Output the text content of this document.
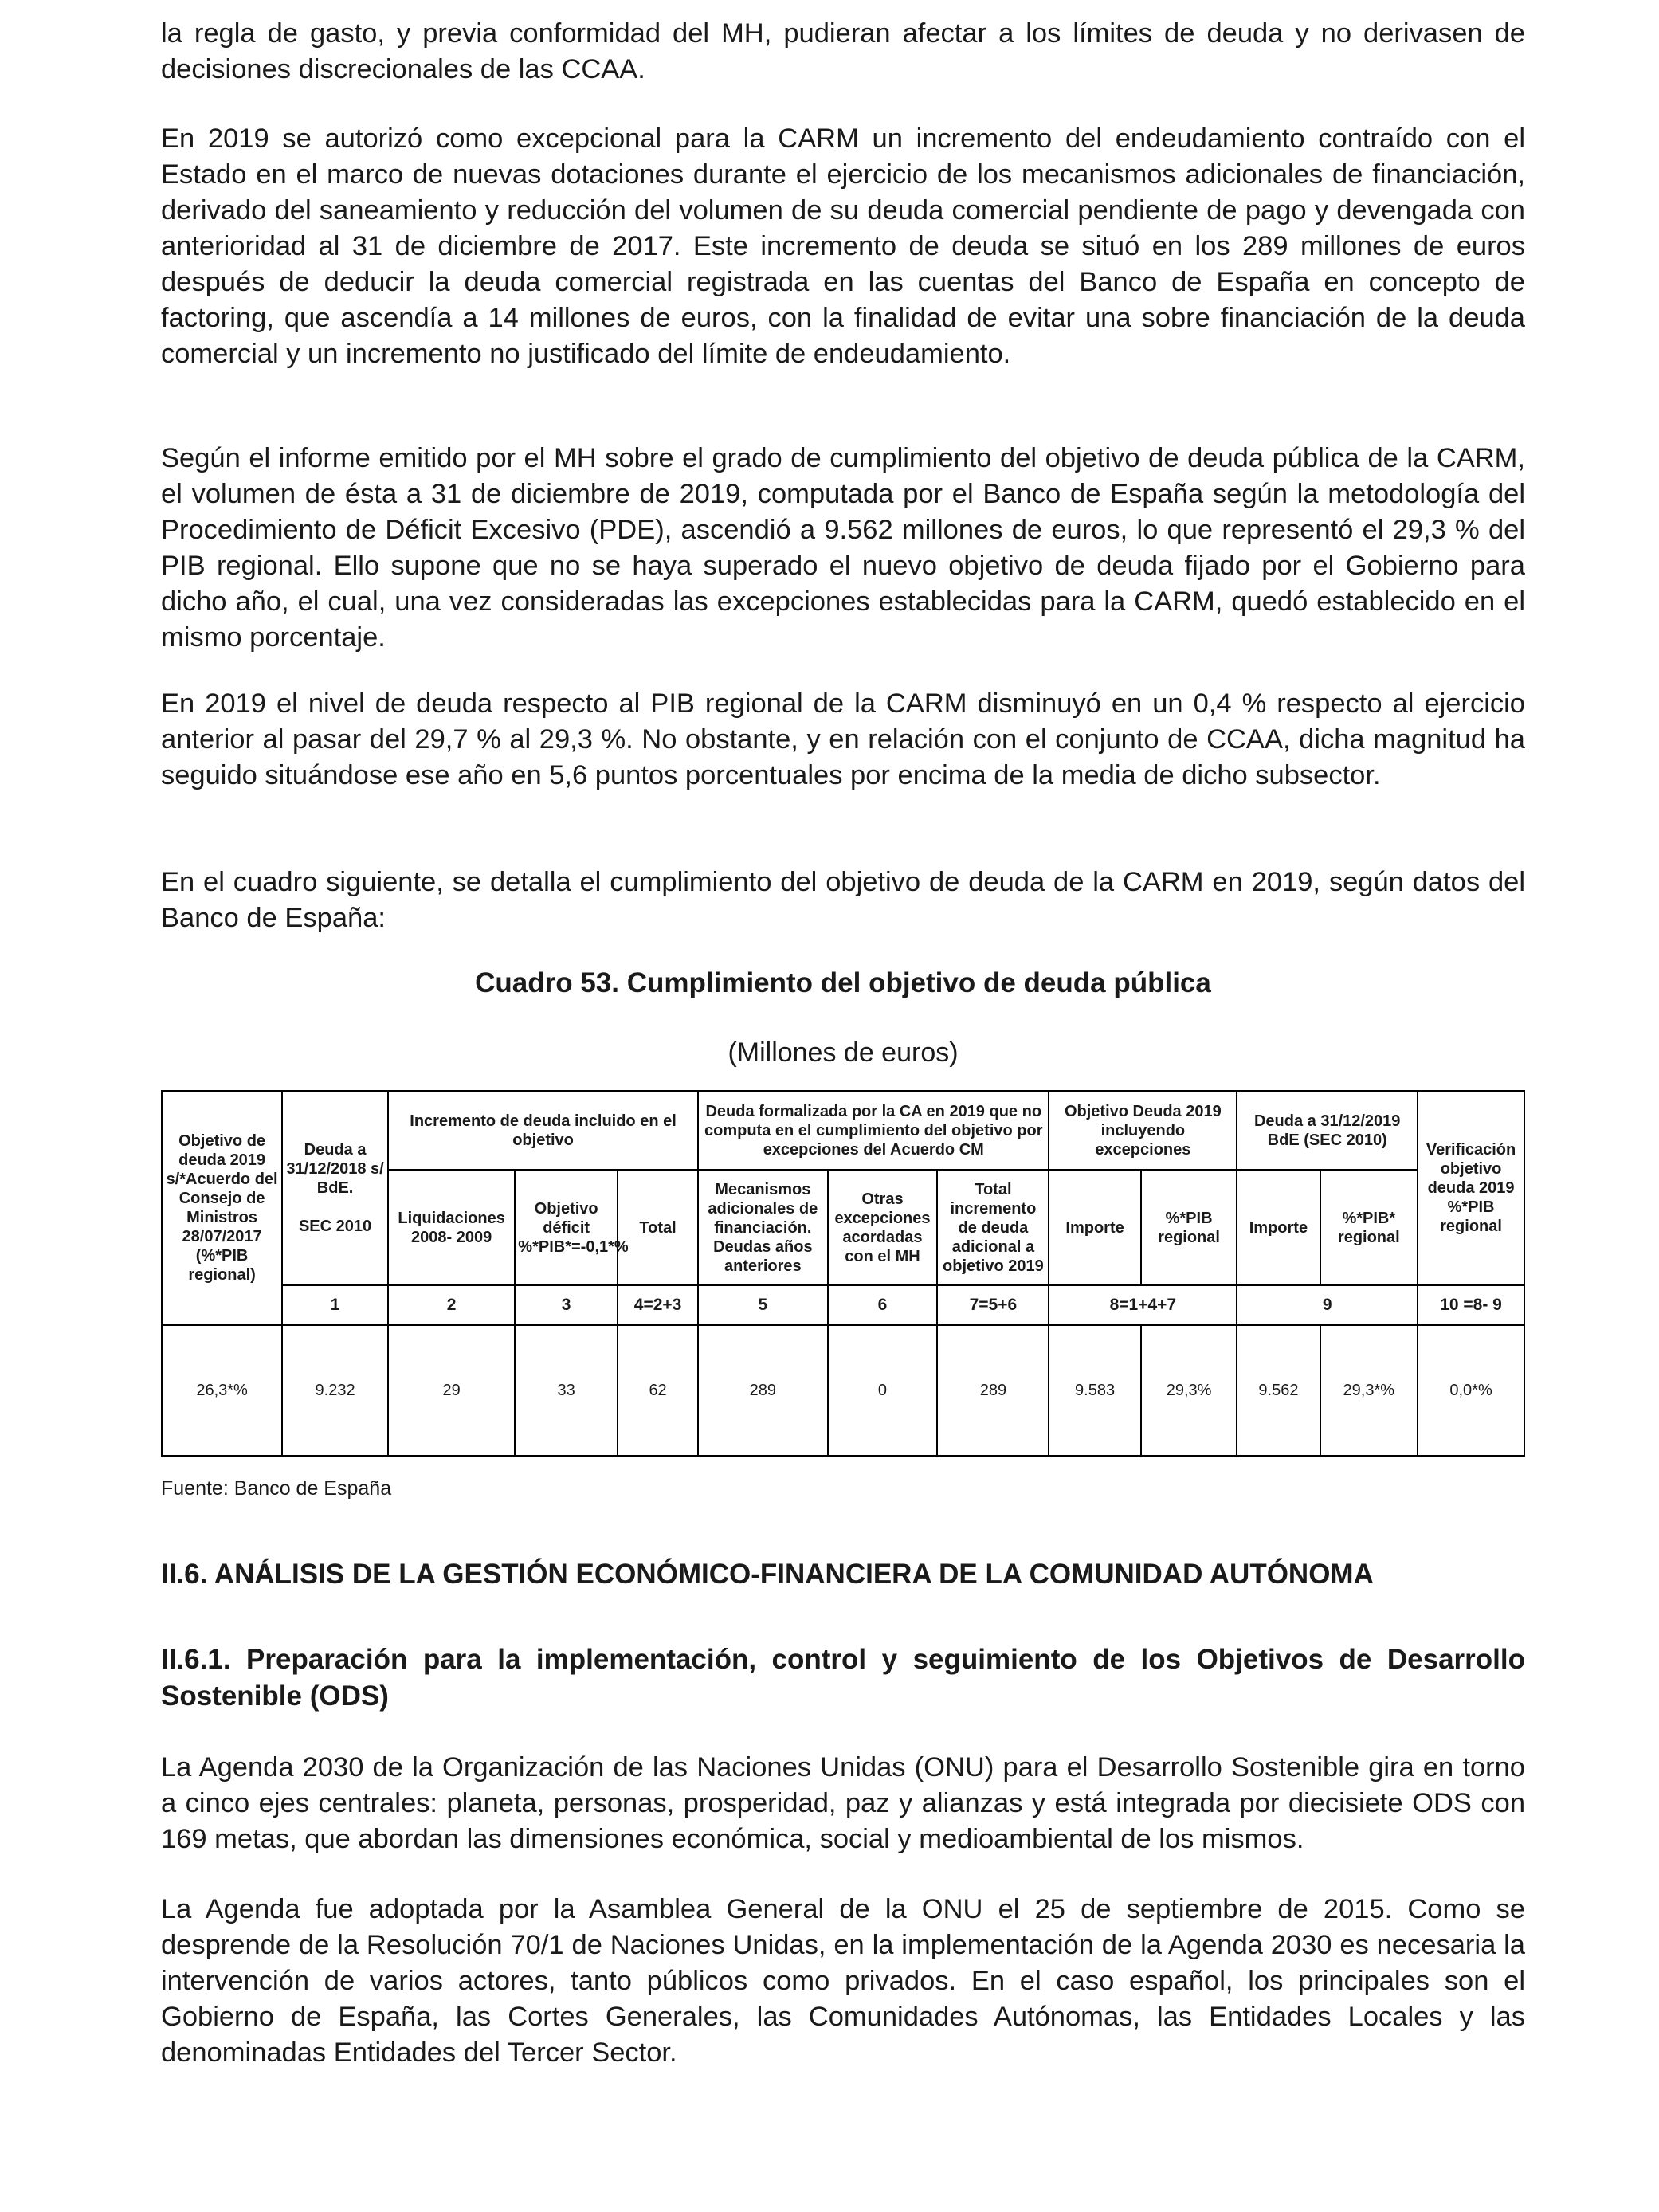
la regla de gasto, y previa conformidad del MH, pudieran afectar a los límites de deuda y no derivasen de decisiones discrecionales de las CCAA.

En 2019 se autorizó como excepcional para la CARM un incremento del endeudamiento contraído con el Estado en el marco de nuevas dotaciones durante el ejercicio de los mecanismos adicionales de financiación, derivado del saneamiento y reducción del volumen de su deuda comercial pendiente de pago y devengada con anterioridad al 31 de diciembre de 2017. Este incremento de deuda se situó en los 289 millones de euros después de deducir la deuda comercial registrada en las cuentas del Banco de España en concepto de factoring, que ascendía a 14 millones de euros, con la finalidad de evitar una sobre financiación de la deuda comercial y un incremento no justificado del límite de endeudamiento.

Según el informe emitido por el MH sobre el grado de cumplimiento del objetivo de deuda pública de la CARM, el volumen de ésta a 31 de diciembre de 2019, computada por el Banco de España según la metodología del Procedimiento de Déficit Excesivo (PDE), ascendió a 9.562 millones de euros, lo que representó el 29,3 % del PIB regional. Ello supone que no se haya superado el nuevo objetivo de deuda fijado por el Gobierno para dicho año, el cual, una vez consideradas las excepciones establecidas para la CARM, quedó establecido en el mismo porcentaje.

En 2019 el nivel de deuda respecto al PIB regional de la CARM disminuyó en un 0,4 % respecto al ejercicio anterior al pasar del 29,7 % al 29,3 %. No obstante, y en relación con el conjunto de CCAA, dicha magnitud ha seguido situándose ese año en 5,6 puntos porcentuales por encima de la media de dicho subsector.

En el cuadro siguiente, se detalla el cumplimiento del objetivo de deuda de la CARM en 2019, según datos del Banco de España:

Cuadro 53. Cumplimiento del objetivo de deuda pública
(Millones de euros)
Objetivo de deuda 2019 s/*Acuerdo del Consejo de Ministros 28/07/2017 (%*PIB regional)	Deuda a 31/12/2018 s/ BdE.

SEC 2010	Incremento de deuda incluido en el objetivo			Deuda formalizada por la CA en 2019 que no computa en el cumplimiento del objetivo por excepciones del Acuerdo CM			Objetivo Deuda 2019 incluyendo excepciones		Deuda a 31/12/2019 BdE (SEC 2010)		Verificación objetivo deuda 2019 %*PIB regional
		Liquidaciones 2008- 2009	Objetivo déficit %*PIB*=-0,1*%	Total	Mecanismos adicionales de financiación. Deudas años anteriores	Otras excepciones acordadas con el MH	Total incremento de deuda adicional a objetivo 2019	Importe	%*PIB regional	Importe	%*PIB* regional	
	1	2	3	4=2+3	5	6	7=5+6	8=1+4+7		9		10 =8- 9
26,3*%	9.232	29	33	62	289	0	289	9.583	29,3%	9.562	29,3*%	0,0*%
Fuente: Banco de España
II.6. ANÁLISIS DE LA GESTIÓN ECONÓMICO-FINANCIERA DE LA COMUNIDAD AUTÓNOMA
II.6.1. Preparación para la implementación, control y seguimiento de los Objetivos de Desarrollo Sostenible (ODS)

La Agenda 2030 de la Organización de las Naciones Unidas (ONU) para el Desarrollo Sostenible gira en torno a cinco ejes centrales: planeta, personas, prosperidad, paz y alianzas y está integrada por diecisiete ODS con 169 metas, que abordan las dimensiones económica, social y medioambiental de los mismos.

La Agenda fue adoptada por la Asamblea General de la ONU el 25 de septiembre de 2015. Como se desprende de la Resolución 70/1 de Naciones Unidas, en la implementación de la Agenda 2030 es necesaria la intervención de varios actores, tanto públicos como privados. En el caso español, los principales son el Gobierno de España, las Cortes Generales, las Comunidades Autónomas, las Entidades Locales y las denominadas Entidades del Tercer Sector.
